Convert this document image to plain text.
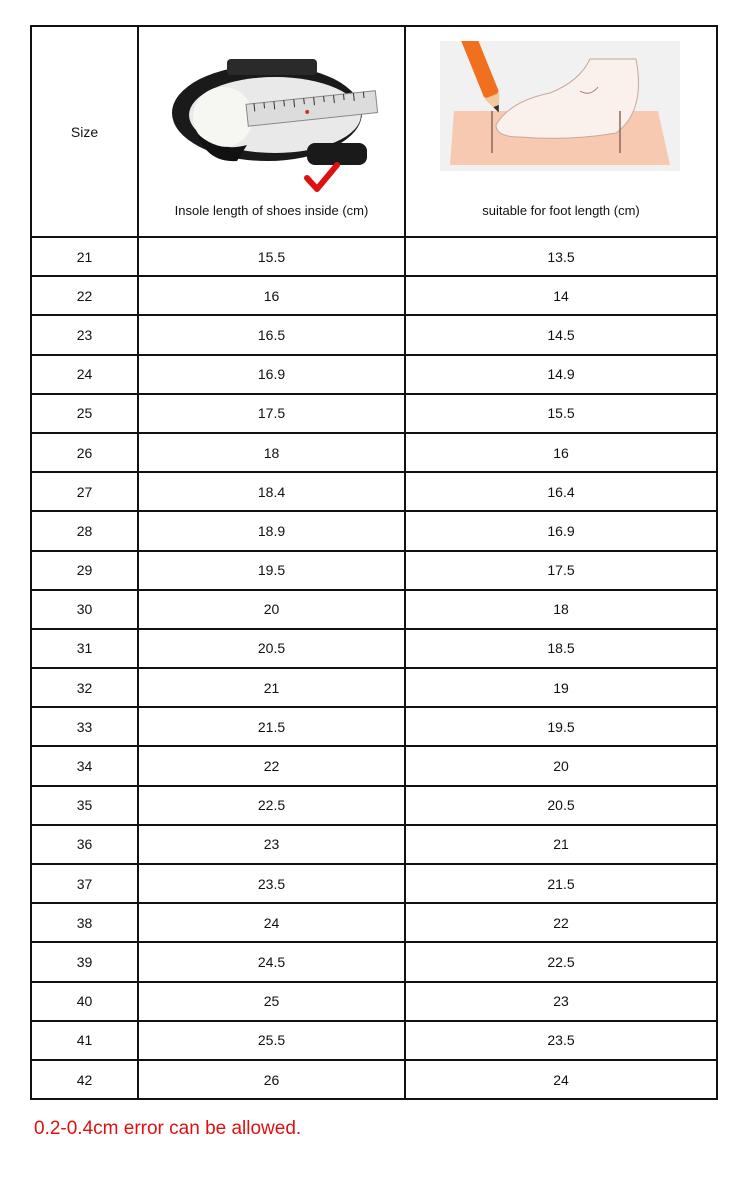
Size	Insole length of shoes inside (cm)	suitable for foot length (cm)

21	15.5	13.5
22	16	14
23	16.5	14.5
24	16.9	14.9
25	17.5	15.5
26	18	16
27	18.4	16.4
28	18.9	16.9
29	19.5	17.5
30	20	18
31	20.5	18.5
32	21	19
33	21.5	19.5
34	22	20
35	22.5	20.5
36	23	21
37	23.5	21.5
38	24	22
39	24.5	22.5
40	25	23
41	25.5	23.5
42	26	24
0.2-0.4cm error can be allowed.
